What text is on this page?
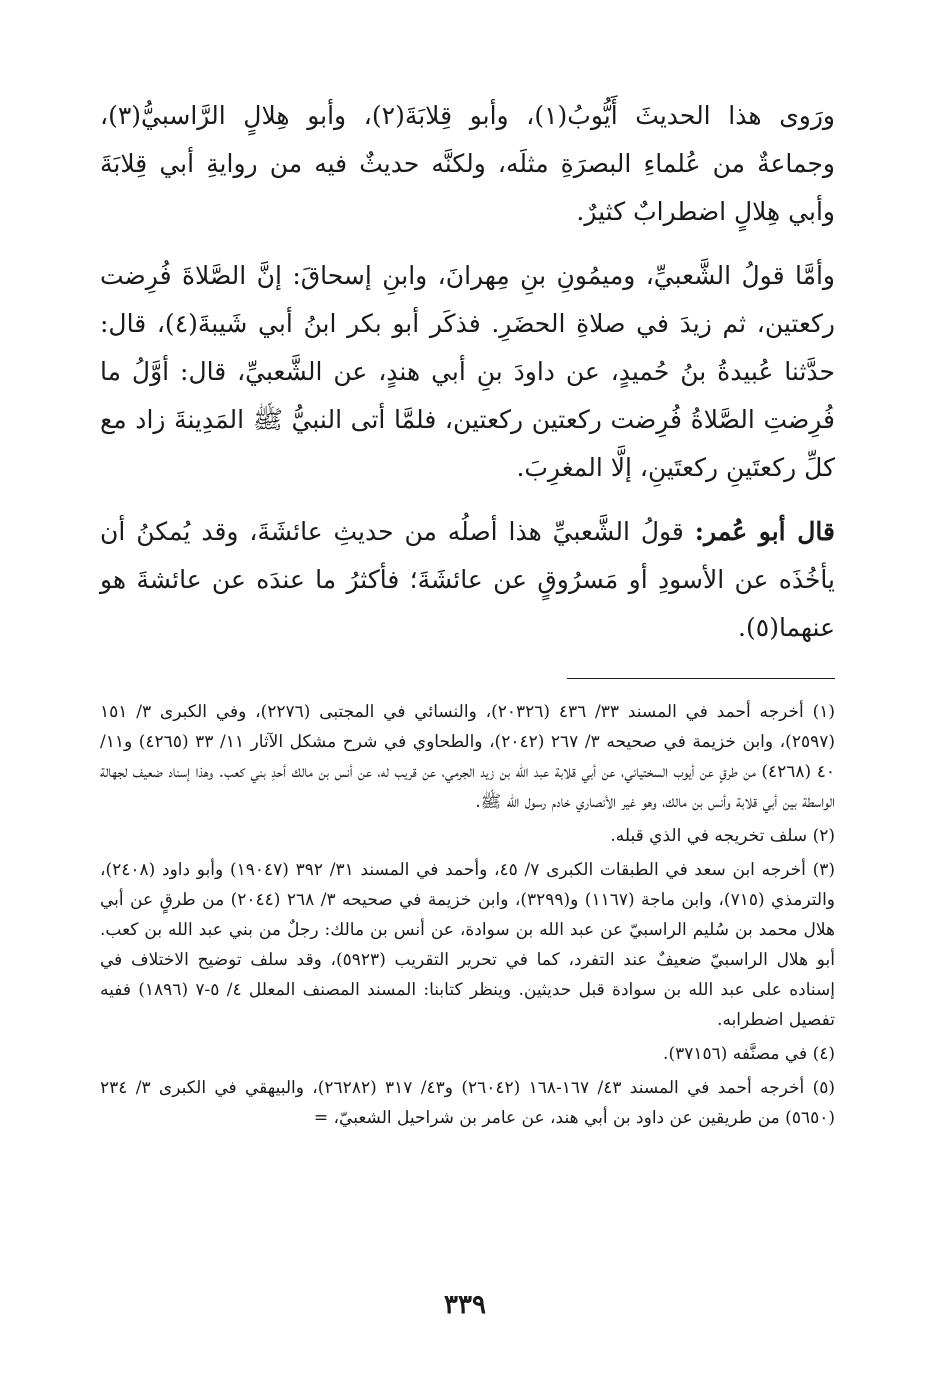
ورَوى هذا الحديثَ أَيُّوبُ(١)، وأبو قِلابَةَ(٢)، وأبو هِلالٍ الرَّاسبيُّ(٣)، وجماعةٌ من عُلماءِ البصرَةِ مثلَه، ولكنَّه حديثٌ فيه من روايةِ أبي قِلابَةَ وأبي هِلالٍ اضطرابٌ كثيرٌ.

وأمَّا قولُ الشَّعبيِّ، وميمُونِ بنِ مِهرانَ، وابنِ إسحاقَ: إنَّ الصَّلاةَ فُرِضت ركعتين، ثم زيدَ في صلاةِ الحضَرِ. فذكَر أبو بكر ابنُ أبي شَيبةَ(٤)، قال: حدَّثنا عُبيدةُ بنُ حُميدٍ، عن داودَ بنِ أبي هندٍ، عن الشَّعبيِّ، قال: أوَّلُ ما فُرِضتِ الصَّلاةُ فُرِضت ركعتين ركعتين، فلمَّا أتى النبيُّ ﷺ المَدِينةَ زاد مع كلِّ ركعتَينِ ركعتَينِ، إلَّا المغرِبَ.

قال أبو عُمر: قولُ الشَّعبيِّ هذا أصلُه من حديثِ عائشَةَ، وقد يُمكنُ أن يأخُذَه عن الأسودِ أو مَسرُوقٍ عن عائشَةَ؛ فأكثرُ ما عندَه عن عائشةَ هو عنهما(٥).

(١) أخرجه أحمد في المسند ٣٣/ ٤٣٦ (٢٠٣٢٦)، والنسائي في المجتبى (٢٢٧٦)، وفي الكبرى ٣/ ١٥١ (٢٥٩٧)، وابن خزيمة في صحيحه ٣/ ٢٦٧ (٢٠٤٢)، والطحاوي في شرح مشكل الآثار ١١/ ٣٣ (٤٢٦٥) و١١/ ٤٠ (٤٢٦٨) من طرقٍ عن أيوب السختياني، عن أبي قلابة عبد الله بن زيد الجرمي، عن قريب له، عن أنس بن مالك أحدِ بني كعب. وهذا إسناد ضعيف لجهالة الواسطة بين أبي قلابة وأنس بن مالك، وهو غير الأنصاري خادم رسول الله ﷺ.
(٢) سلف تخريجه في الذي قبله.
(٣) أخرجه ابن سعد في الطبقات الكبرى ٧/ ٤٥، وأحمد في المسند ٣١/ ٣٩٢ (١٩٠٤٧) وأبو داود (٢٤٠٨)، والترمذي (٧١٥)، وابن ماجة (١١٦٧) و(٣٢٩٩)، وابن خزيمة في صحيحه ٣/ ٢٦٨ (٢٠٤٤) من طرقٍ عن أبي هلال محمد بن سُليم الراسبيّ عن عبد الله بن سوادة، عن أنس بن مالك: رجلٌ من بني عبد الله بن كعب. أبو هلال الراسبيّ ضعيفٌ عند التفرد، كما في تحرير التقريب (٥٩٢٣)، وقد سلف توضيح الاختلاف في إسناده على عبد الله بن سوادة قبل حديثين. وينظر كتابنا: المسند المصنف المعلل ٤/ ٥-٧ (١٨٩٦) ففيه تفصيل اضطرابه.
(٤) في مصنَّفه (٣٧١٥٦).
(٥) أخرجه أحمد في المسند ٤٣/ ١٦٧-١٦٨ (٢٦٠٤٢) و٤٣/ ٣١٧ (٢٦٢٨٢)، والبيهقي في الكبرى ٣/ ٢٣٤ (٥٦٥٠) من طريقين عن داود بن أبي هند، عن عامر بن شراحيل الشعبيّ، =
٣٣٩
